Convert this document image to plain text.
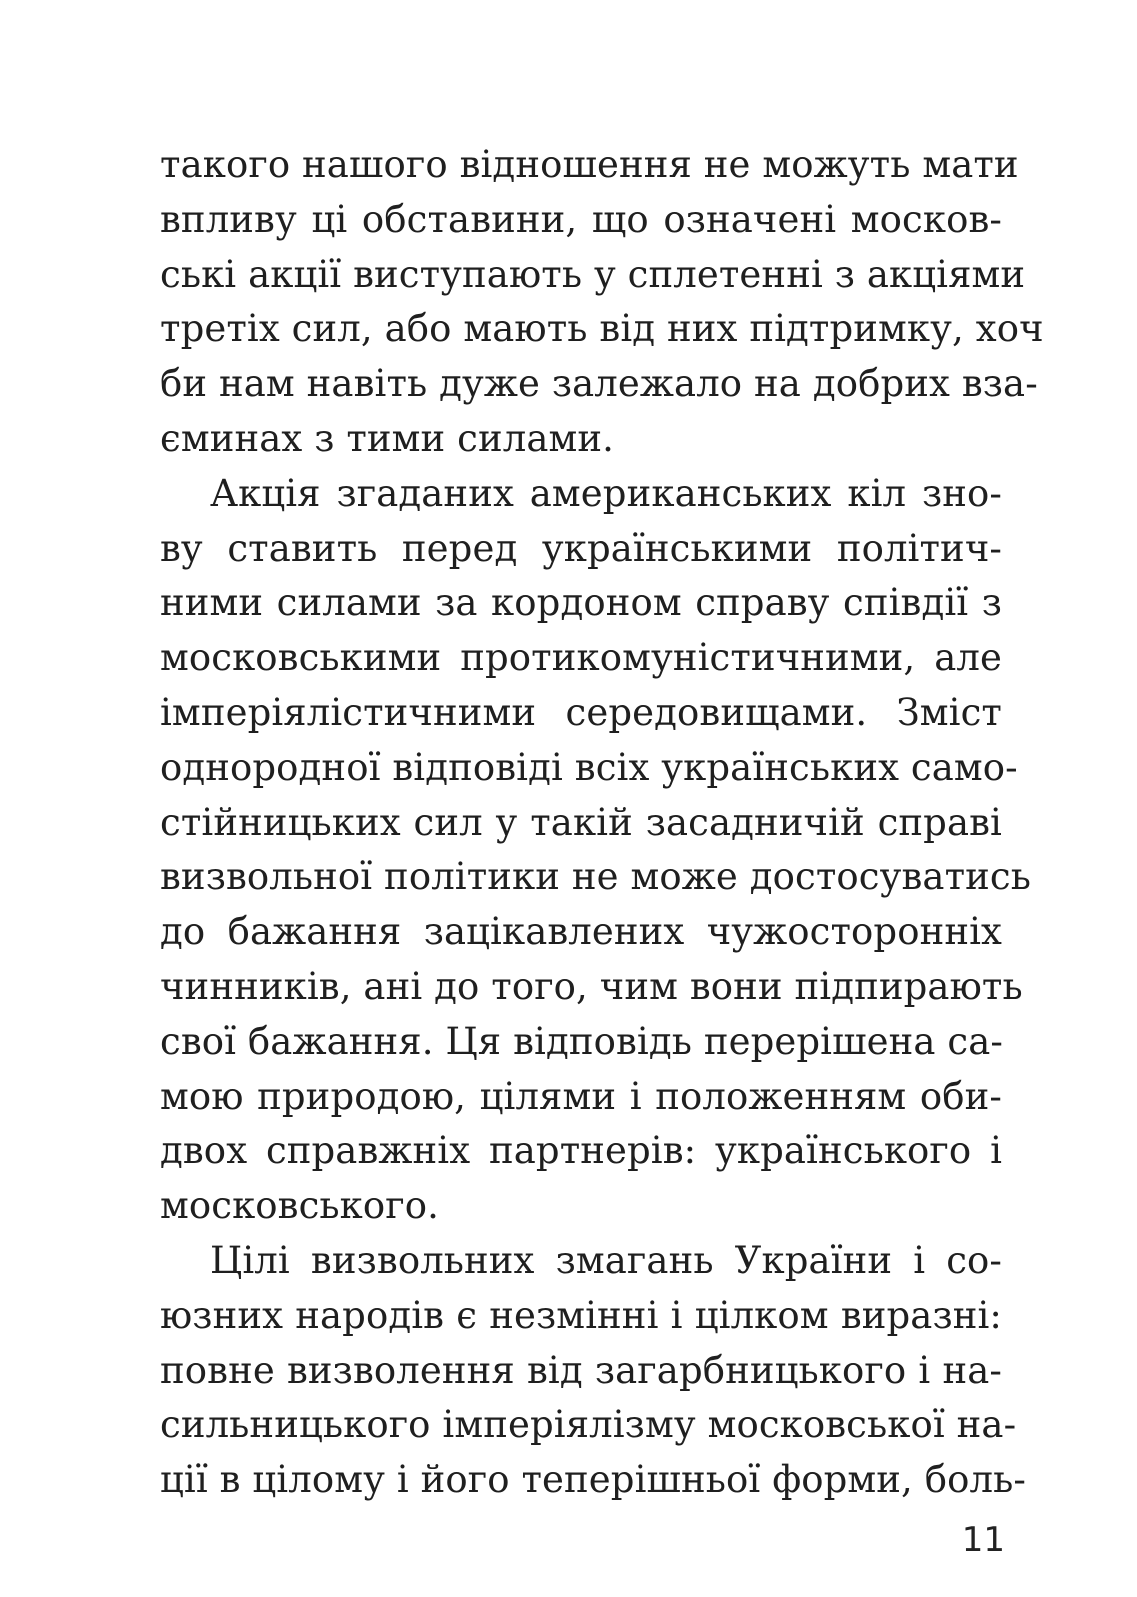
такого нашого відношення не можуть мати
впливу ці обставини, що означені москов-
ські акції виступають у сплетенні з акціями
третіх сил, або мають від них підтримку, хоч
би нам навіть дуже залежало на добрих вза-
єминах з тими силами.

Акція згаданих американських кіл зно-
ву ставить перед українськими політич-
ними силами за кордоном справу співдії з
московськими протикомуністичними, але
імперіялістичними середовищами. Зміст
однородної відповіді всіх українських само-
стійницьких сил у такій засадничій справі
визвольної політики не може достосуватись
до бажання зацікавлених чужосторонніх
чинників, ані до того, чим вони підпирають
свої бажання. Ця відповідь перерішена са-
мою природою, цілями і положенням оби-
двох справжніх партнерів: українського і
московського.

Цілі визвольних змагань України і со-
юзних народів є незмінні і цілком виразні:
повне визволення від загарбницького і на-
сильницького імперіялізму московської на-
ції в цілому і його теперішньої форми, боль-

11
